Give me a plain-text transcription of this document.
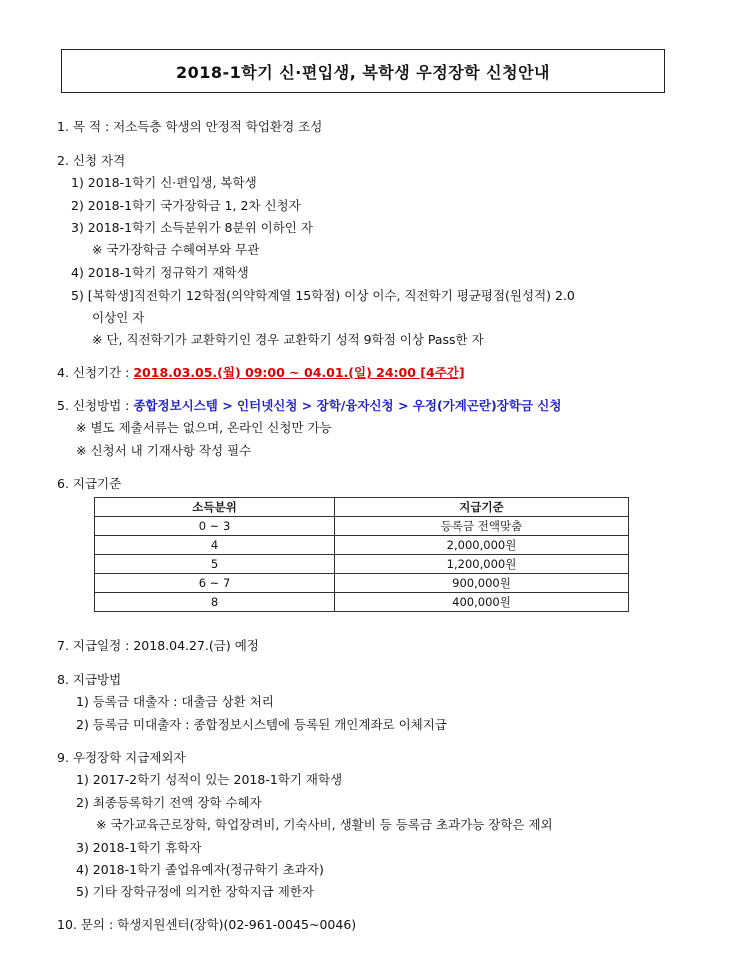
2018-1학기 신·편입생, 복학생 우정장학 신청안내
1. 목 적 : 저소득층 학생의 안정적 학업환경 조성
2. 신청 자격
1) 2018-1학기 신·편입생, 복학생
2) 2018-1학기 국가장학금 1, 2차 신청자
3) 2018-1학기 소득분위가 8분위 이하인 자
※ 국가장학금 수혜여부와 무관
4) 2018-1학기 정규학기 재학생
5) [복학생]직전학기 12학점(의약학계열 15학점) 이상 이수, 직전학기 평균평점(원성적) 2.0
이상인 자
※ 단, 직전학기가 교환학기인 경우 교환학기 성적 9학점 이상 Pass한 자
4. 신청기간 : 2018.03.05.(월) 09:00 ~ 04.01.(일) 24:00 [4주간]
5. 신청방법 : 종합정보시스템 > 인터넷신청 > 장학/융자신청 > 우정(가계곤란)장학금 신청
※ 별도 제출서류는 없으며, 온라인 신청만 가능
※ 신청서 내 기재사항 작성 필수
6. 지급기준
소득분위	지급기준
0 ~ 3	등록금 전액맞춤
4	2,000,000원
5	1,200,000원
6 ~ 7	900,000원
8	400,000원
7. 지급일정 : 2018.04.27.(금) 예정
8. 지급방법
1) 등록금 대출자 : 대출금 상환 처리
2) 등록금 미대출자 : 종합정보시스템에 등록된 개인계좌로 이체지급
9. 우정장학 지급제외자
1) 2017-2학기 성적이 있는 2018-1학기 재학생
2) 최종등록학기 전액 장학 수혜자
※ 국가교육근로장학, 학업장려비, 기숙사비, 생활비 등 등록금 초과가능 장학은 제외
3) 2018-1학기 휴학자
4) 2018-1학기 졸업유예자(정규학기 초과자)
5) 기타 장학규정에 의거한 장학지급 제한자
10. 문의 : 학생지원센터(장학)(02-961-0045~0046)
